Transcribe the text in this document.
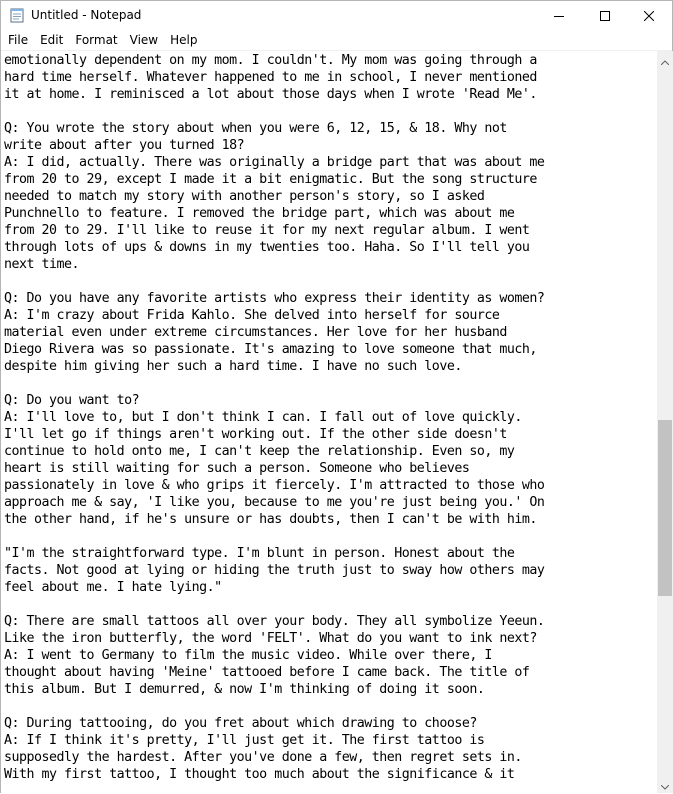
Untitled - Notepad
File	Edit	Format	View	Help
emotionally dependent on my mom. I couldn't. My mom was going through a
hard time herself. Whatever happened to me in school, I never mentioned
it at home. I reminisced a lot about those days when I wrote 'Read Me'.

Q: You wrote the story about when you were 6, 12, 15, & 18. Why not
write about after you turned 18?
A: I did, actually. There was originally a bridge part that was about me
from 20 to 29, except I made it a bit enigmatic. But the song structure
needed to match my story with another person's story, so I asked
Punchnello to feature. I removed the bridge part, which was about me
from 20 to 29. I'll like to reuse it for my next regular album. I went
through lots of ups & downs in my twenties too. Haha. So I'll tell you
next time.

Q: Do you have any favorite artists who express their identity as women?
A: I'm crazy about Frida Kahlo. She delved into herself for source
material even under extreme circumstances. Her love for her husband
Diego Rivera was so passionate. It's amazing to love someone that much,
despite him giving her such a hard time. I have no such love.

Q: Do you want to?
A: I'll love to, but I don't think I can. I fall out of love quickly.
I'll let go if things aren't working out. If the other side doesn't
continue to hold onto me, I can't keep the relationship. Even so, my
heart is still waiting for such a person. Someone who believes
passionately in love & who grips it fiercely. I'm attracted to those who
approach me & say, 'I like you, because to me you're just being you.' On
the other hand, if he's unsure or has doubts, then I can't be with him.

"I'm the straightforward type. I'm blunt in person. Honest about the
facts. Not good at lying or hiding the truth just to sway how others may
feel about me. I hate lying."

Q: There are small tattoos all over your body. They all symbolize Yeeun.
Like the iron butterfly, the word 'FELT'. What do you want to ink next?
A: I went to Germany to film the music video. While over there, I
thought about having 'Meine' tattooed before I came back. The title of
this album. But I demurred, & now I'm thinking of doing it soon.

Q: During tattooing, do you fret about which drawing to choose?
A: If I think it's pretty, I'll just get it. The first tattoo is
supposedly the hardest. After you've done a few, then regret sets in.
With my first tattoo, I thought too much about the significance & it
